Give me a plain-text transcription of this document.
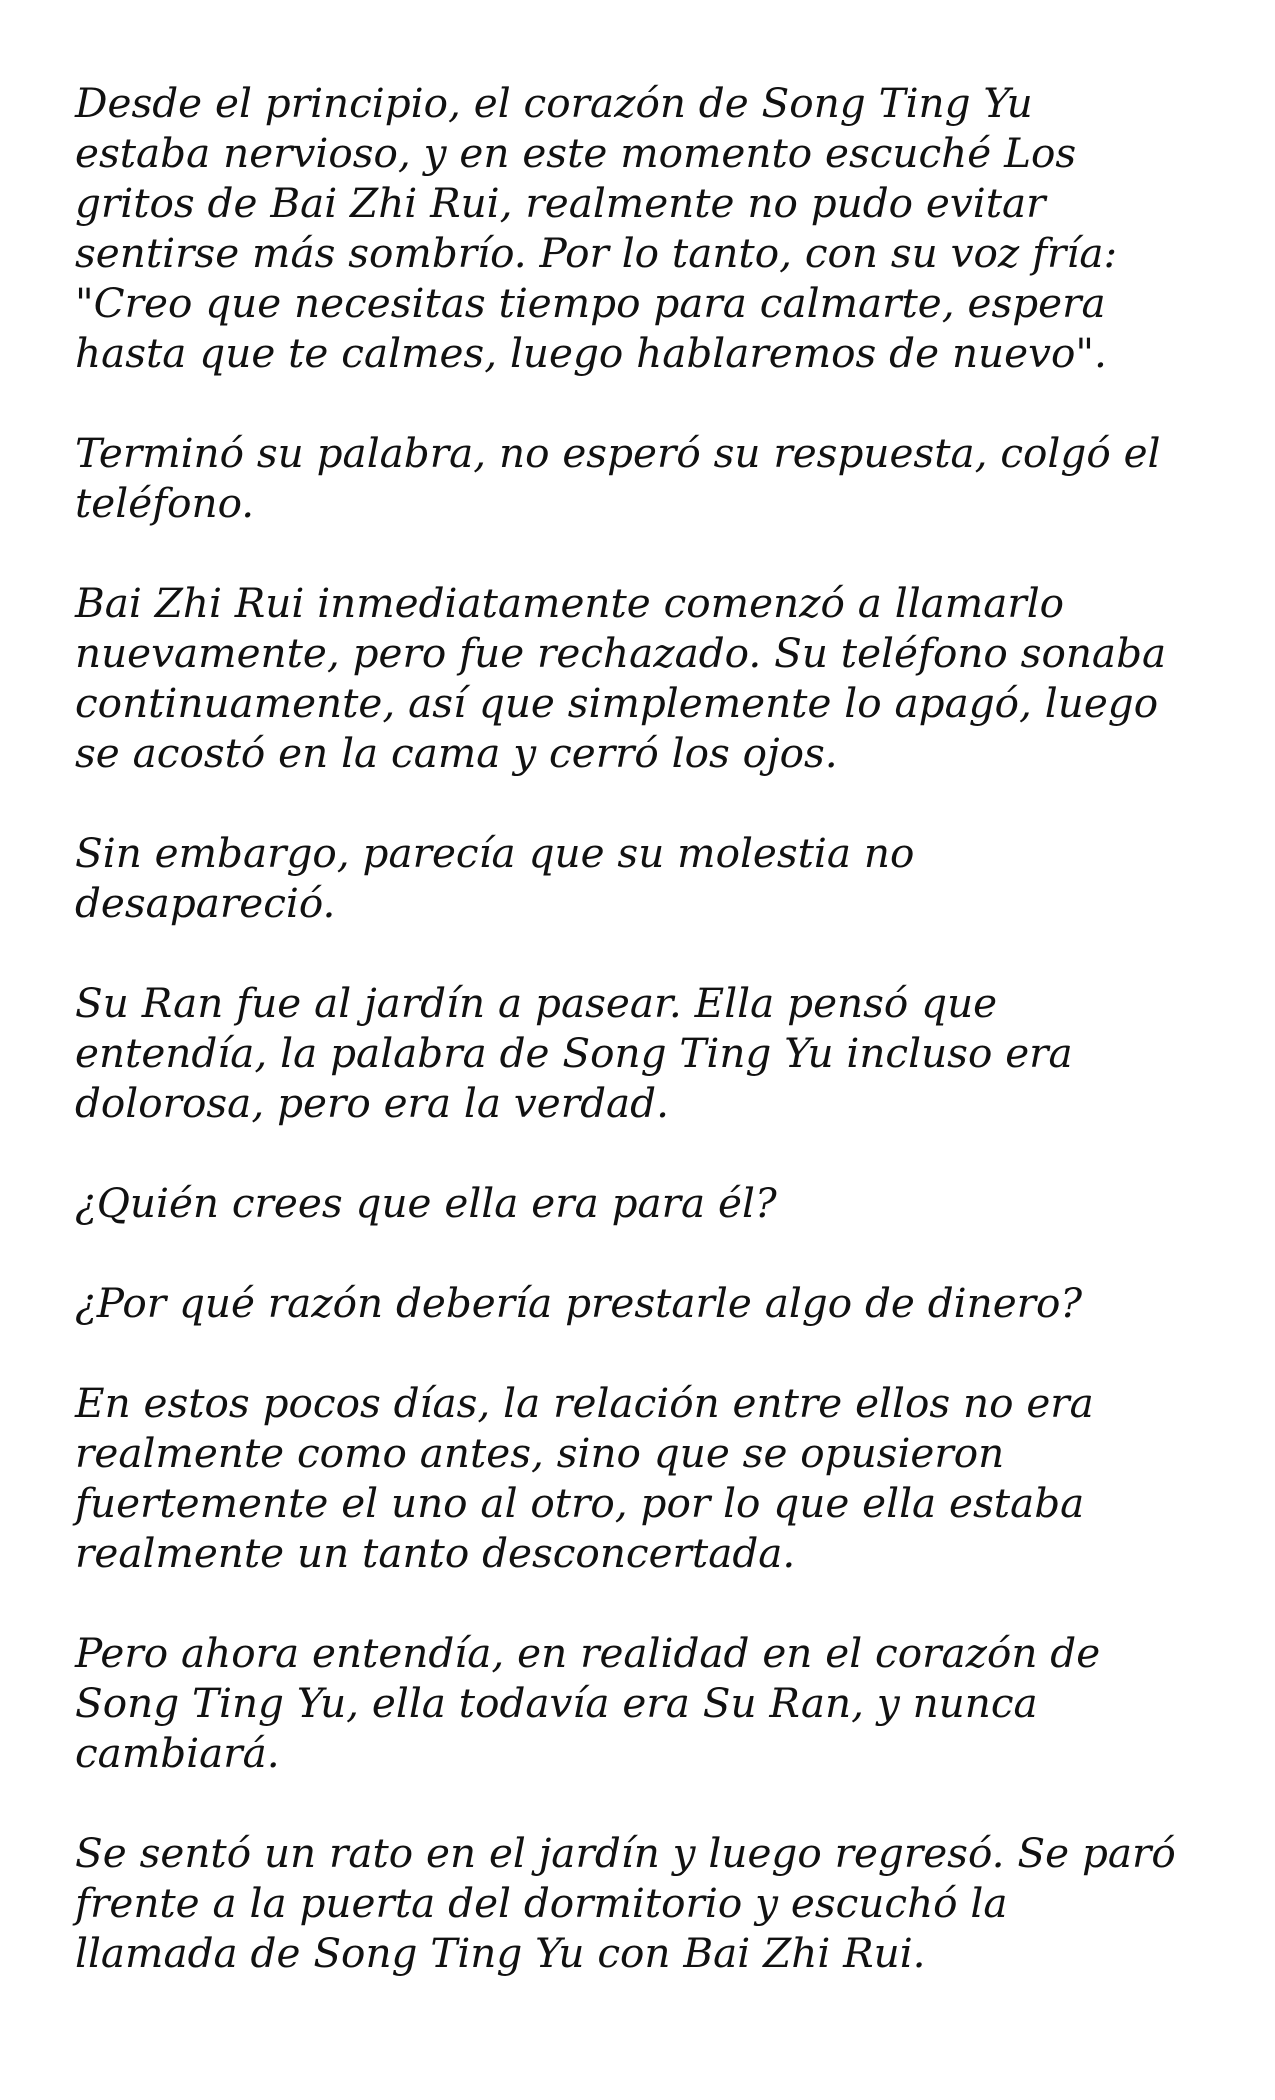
Desde el principio, el corazón de Song Ting Yu
estaba nervioso, y en este momento escuché Los
gritos de Bai Zhi Rui, realmente no pudo evitar
sentirse más sombrío. Por lo tanto, con su voz fría:
"Creo que necesitas tiempo para calmarte, espera
hasta que te calmes, luego hablaremos de nuevo".

Terminó su palabra, no esperó su respuesta, colgó el
teléfono.

Bai Zhi Rui inmediatamente comenzó a llamarlo
nuevamente, pero fue rechazado. Su teléfono sonaba
continuamente, así que simplemente lo apagó, luego
se acostó en la cama y cerró los ojos.

Sin embargo, parecía que su molestia no
desapareció.

Su Ran fue al jardín a pasear. Ella pensó que
entendía, la palabra de Song Ting Yu incluso era
dolorosa, pero era la verdad.

¿Quién crees que ella era para él?

¿Por qué razón debería prestarle algo de dinero?

En estos pocos días, la relación entre ellos no era
realmente como antes, sino que se opusieron
fuertemente el uno al otro, por lo que ella estaba
realmente un tanto desconcertada.

Pero ahora entendía, en realidad en el corazón de
Song Ting Yu, ella todavía era Su Ran, y nunca
cambiará.

Se sentó un rato en el jardín y luego regresó. Se paró
frente a la puerta del dormitorio y escuchó la
llamada de Song Ting Yu con Bai Zhi Rui.
